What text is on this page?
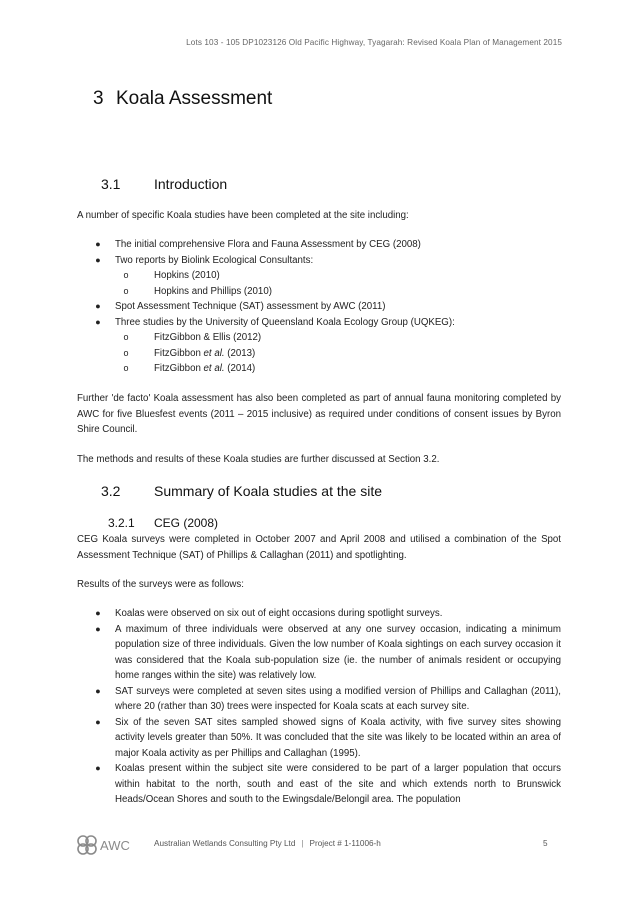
Lots 103 - 105 DP1023126 Old Pacific Highway, Tyagarah: Revised Koala Plan of Management 2015
3 Koala Assessment
3.1 Introduction

A number of specific Koala studies have been completed at the site including:

● The initial comprehensive Flora and Fauna Assessment by CEG (2008)
● Two reports by Biolink Ecological Consultants:
o	Hopkins (2010)
o	Hopkins and Phillips (2010)
● Spot Assessment Technique (SAT) assessment by AWC (2011)
● Three studies by the University of Queensland Koala Ecology Group (UQKEG):
o	FitzGibbon & Ellis (2012)
o	FitzGibbon et al. (2013)
o	FitzGibbon et al. (2014)

Further 'de facto' Koala assessment has also been completed as part of annual fauna monitoring completed by AWC for five Bluesfest events (2011 – 2015 inclusive) as required under conditions of consent issues by Byron Shire Council.

The methods and results of these Koala studies are further discussed at Section 3.2.

3.2 Summary of Koala studies at the site
3.2.1 CEG (2008)

CEG Koala surveys were completed in October 2007 and April 2008 and utilised a combination of the Spot Assessment Technique (SAT) of Phillips & Callaghan (2011) and spotlighting.

Results of the surveys were as follows:

● Koalas were observed on six out of eight occasions during spotlight surveys.
● A maximum of three individuals were observed at any one survey occasion, indicating a minimum population size of three individuals. Given the low number of Koala sightings on each survey occasion it was considered that the Koala sub-population size (ie. the number of animals resident or occupying home ranges within the site) was relatively low.
● SAT surveys were completed at seven sites using a modified version of Phillips and Callaghan (2011), where 20 (rather than 30) trees were inspected for Koala scats at each survey site.
● Six of the seven SAT sites sampled showed signs of Koala activity, with five survey sites showing activity levels greater than 50%. It was concluded that the site was likely to be located within an area of major Koala activity as per Phillips and Callaghan (1995).
● Koalas present within the subject site were considered to be part of a larger population that occurs within habitat to the north, south and east of the site and which extends north to Brunswick Heads/Ocean Shores and south to the Ewingsdale/Belongil area. The population
AWC	Australian Wetlands Consulting Pty Ltd | Project # 1-11006-h	5
